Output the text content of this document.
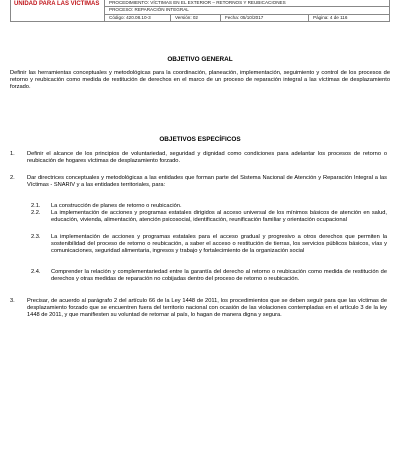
UNIDAD PARA LAS VÍCTIMAS PROCEDIMIENTO: VÍCTIMAS EN EL EXTERIOR – RETORNOS Y REUBICACIONES
PROCESO: REPARACIÓN INTEGRAL
Código: 420.08.10-3	Versión: 02	Fecha: 05/10/2017	Página: 4 de 116
OBJETIVO GENERAL

Definir las herramientas conceptuales y metodológicas para la coordinación, planeación, implementación, seguimiento y control de los procesos de retorno y reubicación como medida de restitución de derechos en el marco de un proceso de reparación integral a las víctimas de desplazamiento forzado.

OBJETIVOS ESPECÍFICOS
1. Definir el alcance de los principios de voluntariedad, seguridad y dignidad como condiciones para adelantar los procesos de retorno o reubicación de hogares víctimas de desplazamiento forzado.

2. Dar directrices conceptuales y metodológicas a las entidades que forman parte del Sistema Nacional de Atención y Reparación Integral a las Víctimas - SNARIV y a las entidades territoriales, para:

2.1. La construcción de planes de retorno o reubicación.

2.2. La implementación de acciones y programas estatales dirigidos al acceso universal de los mínimos básicos de atención en salud, educación, vivienda, alimentación, atención psicosocial, identificación, reunificación familiar y orientación ocupacional

2.3. La implementación de acciones y programas estatales para el acceso gradual y progresivo a otros derechos que permiten la sostenibilidad del proceso de retorno o reubicación, a saber el acceso o restitución de tierras, los servicios públicos básicos, vías y comunicaciones, seguridad alimentaria, ingresos y trabajo y fortalecimiento de la organización social

2.4. Comprender la relación y complementariedad entre la garantía del derecho al retorno o reubicación como medida de restitución de derechos y otras medidas de reparación no cobijadas dentro del proceso de retorno o reubicación.

3. Precisar, de acuerdo al parágrafo 2 del artículo 66 de la Ley 1448 de 2011, los procedimientos que se deben seguir para que las víctimas de desplazamiento forzado que se encuentren fuera del territorio nacional con ocasión de las violaciones contempladas en el artículo 3 de la ley 1448 de 2011, y que manifiesten su voluntad de retornar al país, lo hagan de manera digna y segura.
